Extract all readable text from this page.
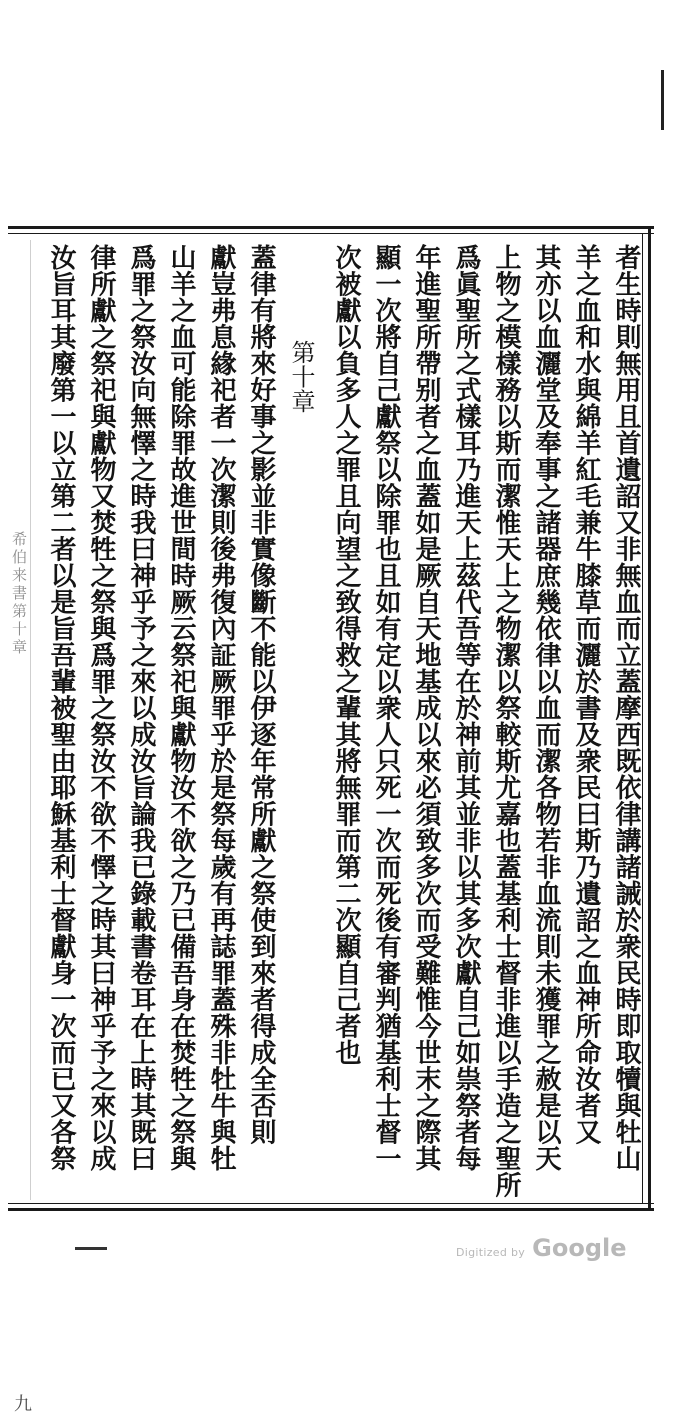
希伯来書第十章
九
者生時則無用且首遺詔又非無血而立蓋摩西既依律講諸誡於衆民時即取犢與牡山
羊之血和水與綿羊紅毛兼牛膝草而灑於書及衆民曰斯乃遺詔之血神所命汝者又
其亦以血灑堂及奉事之諸器庶幾依律以血而潔各物若非血流則未獲罪之赦是以天
上物之模樣務以斯而潔惟天上之物潔以祭較斯尤嘉也蓋基利士督非進以手造之聖所
爲眞聖所之式樣耳乃進天上茲代吾等在於神前其並非以其多次獻自己如祟祭者每
年進聖所帶别者之血蓋如是厥自天地基成以來必須致多次而受難惟今世末之際其
顯一次將自己獻祭以除罪也且如有定以衆人只死一次而死後有審判猶基利士督一
次被獻以負多人之罪且向望之致得救之輩其將無罪而第二次顯自己者也
第十章
蓋律有將來好事之影並非實像斷不能以伊逐年常所獻之祭使到來者得成全否則
獻豈弗息緣祀者一次潔則後弗復內証厥罪乎於是祭每歲有再誌罪蓋殊非牡牛與牡
山羊之血可能除罪故進世間時厥云祭祀與獻物汝不欲之乃已備吾身在焚牲之祭與
爲罪之祭汝向無懌之時我曰神乎予之來以成汝旨論我已錄載書卷耳在上時其既曰
律所獻之祭祀與獻物又焚牲之祭與爲罪之祭汝不欲不懌之時其曰神乎予之來以成
汝旨耳其廢第一以立第二者以是旨吾輩被聖由耶穌基利士督獻身一次而已又各祭
Digitized by Google
